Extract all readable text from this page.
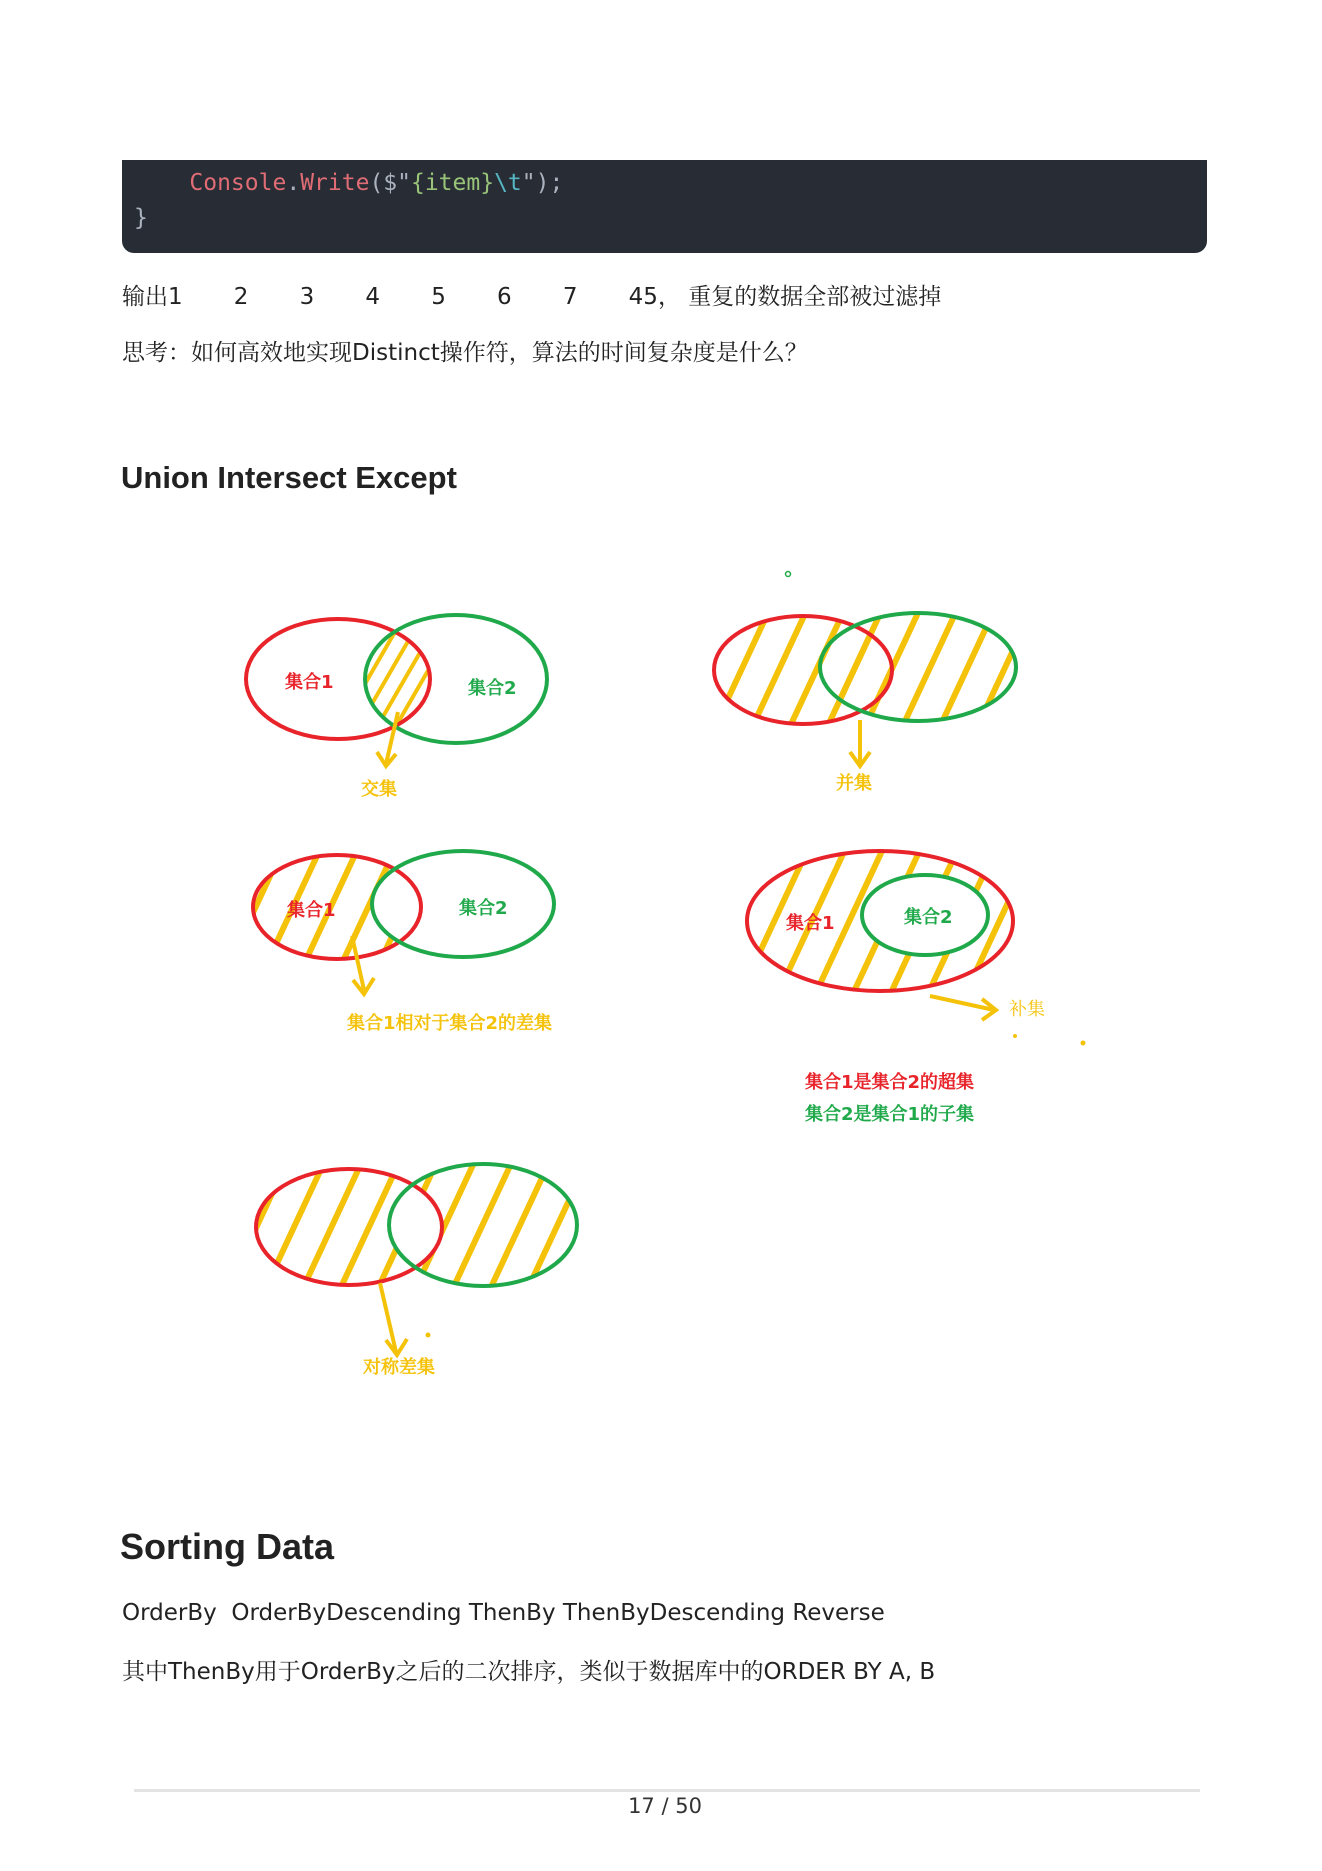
Console.Write($"{item}\t");
}
输出1       2       3       4       5       6       7       45， 重复的数据全部被过滤掉
思考：如何高效地实现Distinct操作符，算法的时间复杂度是什么？
Union Intersect Except
集合1	集合2
交集	并集
集合1	集合2
集合1相对于集合2的差集
集合1	集合2
补集
集合1是集合2的超集
集合2是集合1的子集
对称差集
Sorting Data
OrderBy  OrderByDescending ThenBy ThenByDescending Reverse
其中ThenBy用于OrderBy之后的二次排序，类似于数据库中的ORDER BY A, B
17 / 50
